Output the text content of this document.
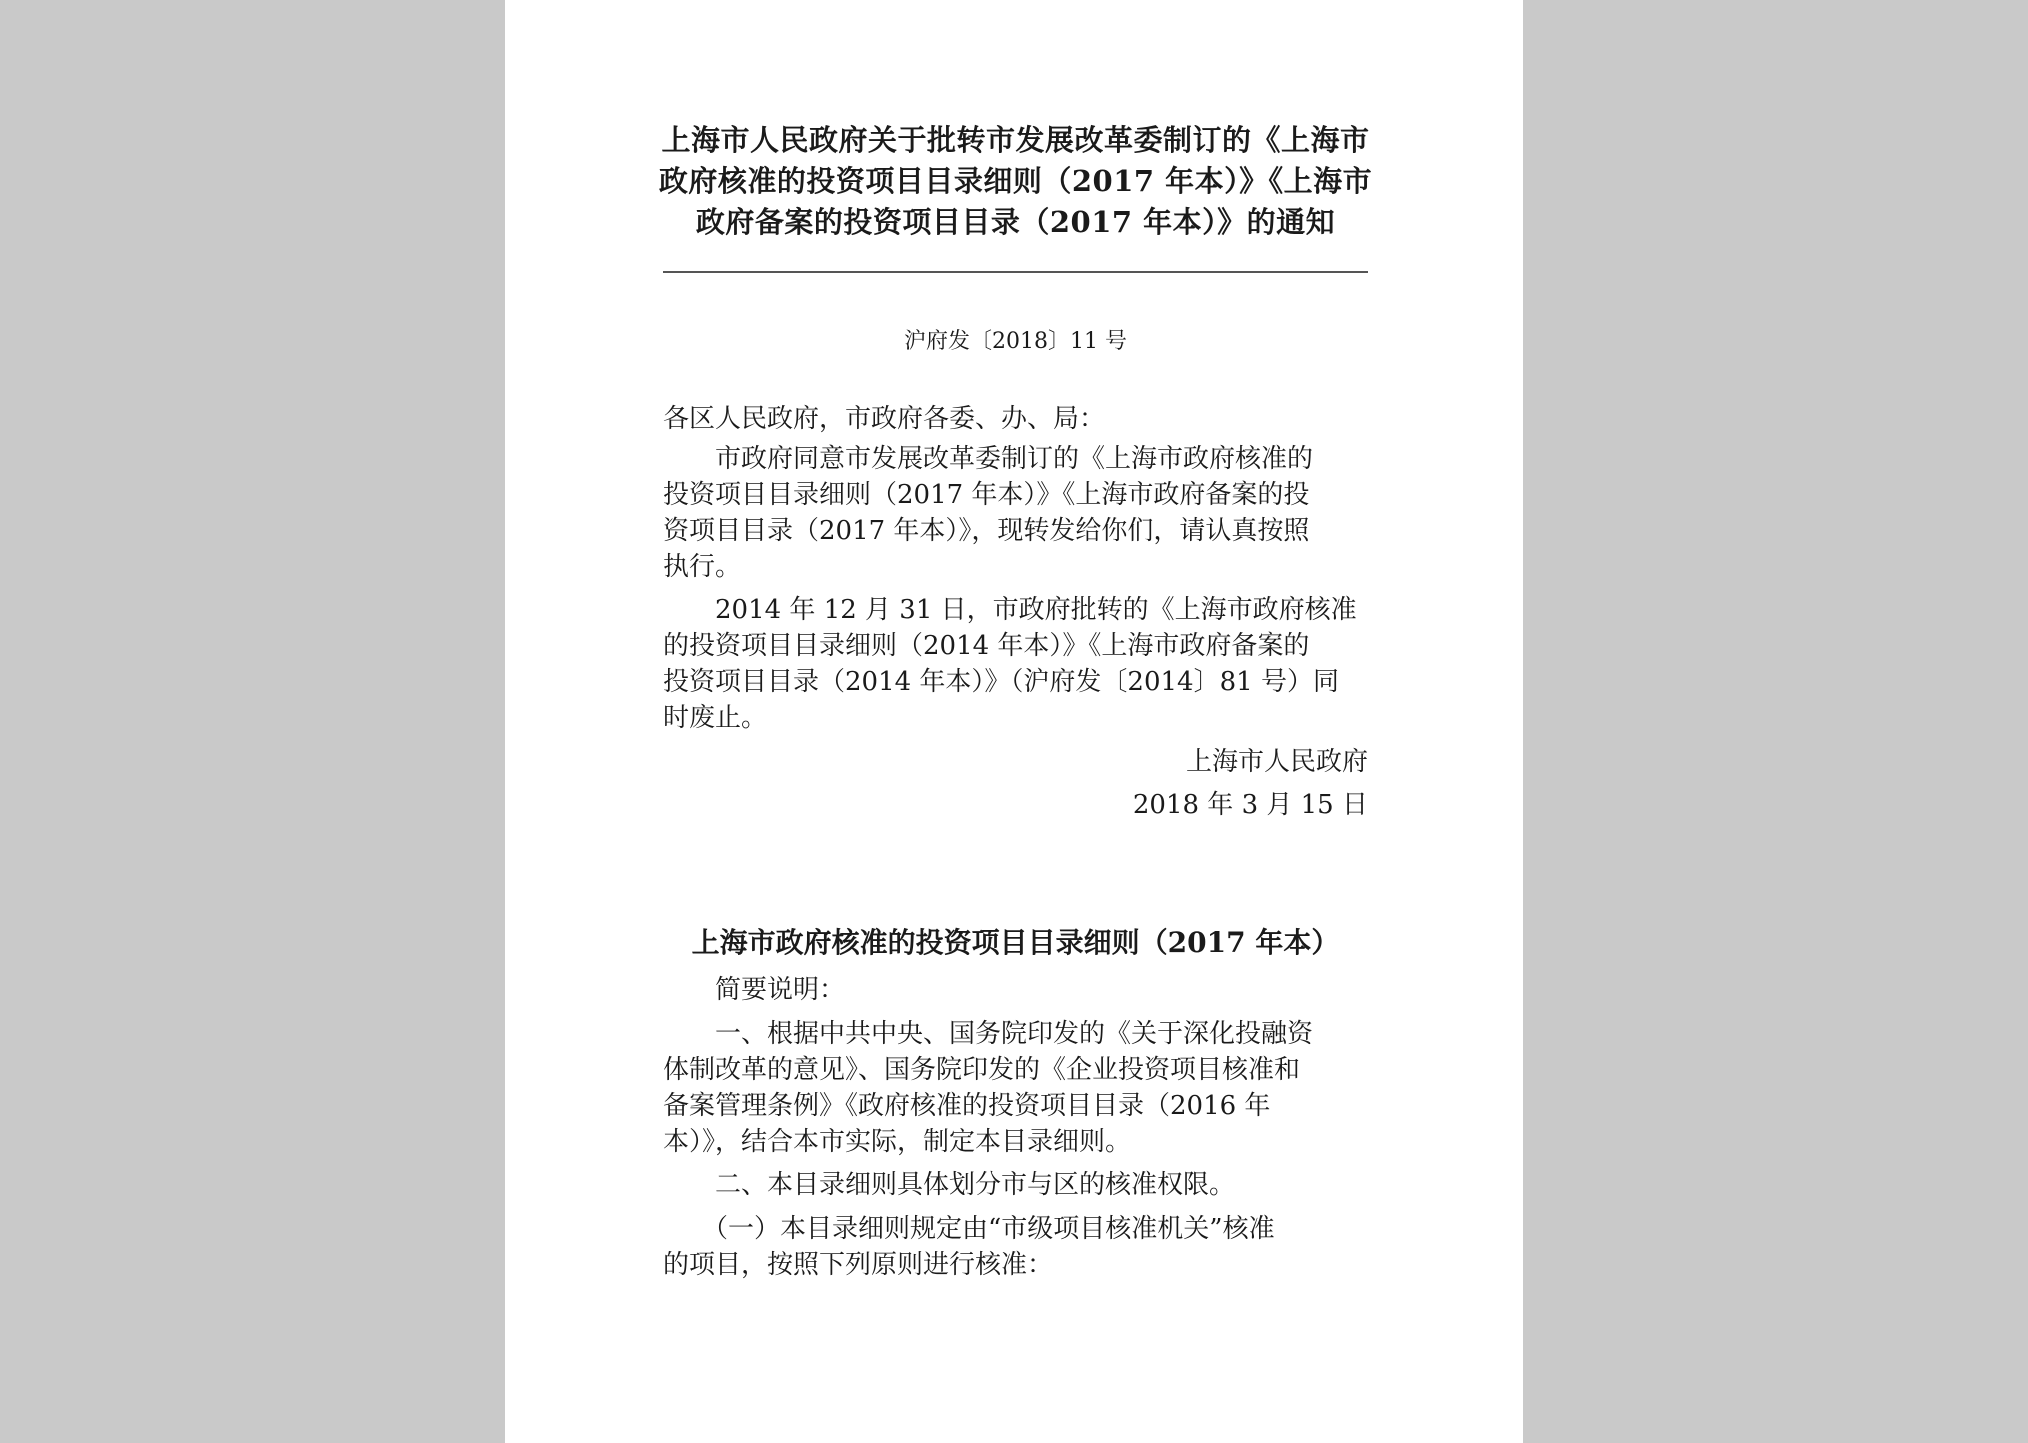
上海市人民政府关于批转市发展改革委制订的《上海市
政府核准的投资项目目录细则（2017 年本）》《上海市
政府备案的投资项目目录（2017 年本）》的通知
沪府发〔2018〕11 号
各区人民政府，市政府各委、办、局：
　　市政府同意市发展改革委制订的《上海市政府核准的
投资项目目录细则（2017 年本）》《上海市政府备案的投
资项目目录（2017 年本）》，现转发给你们，请认真按照
执行。
　　2014 年 12 月 31 日，市政府批转的《上海市政府核准
的投资项目目录细则（2014 年本）》《上海市政府备案的
投资项目目录（2014 年本）》（沪府发〔2014〕81 号）同
时废止。
上海市人民政府
2018 年 3 月 15 日
上海市政府核准的投资项目目录细则（2017 年本）
　　简要说明：
　　一、根据中共中央、国务院印发的《关于深化投融资
体制改革的意见》、国务院印发的《企业投资项目核准和
备案管理条例》《政府核准的投资项目目录（2016 年
本）》，结合本市实际，制定本目录细则。
　　二、本目录细则具体划分市与区的核准权限。
　　（一）本目录细则规定由“市级项目核准机关”核准
的项目，按照下列原则进行核准：
